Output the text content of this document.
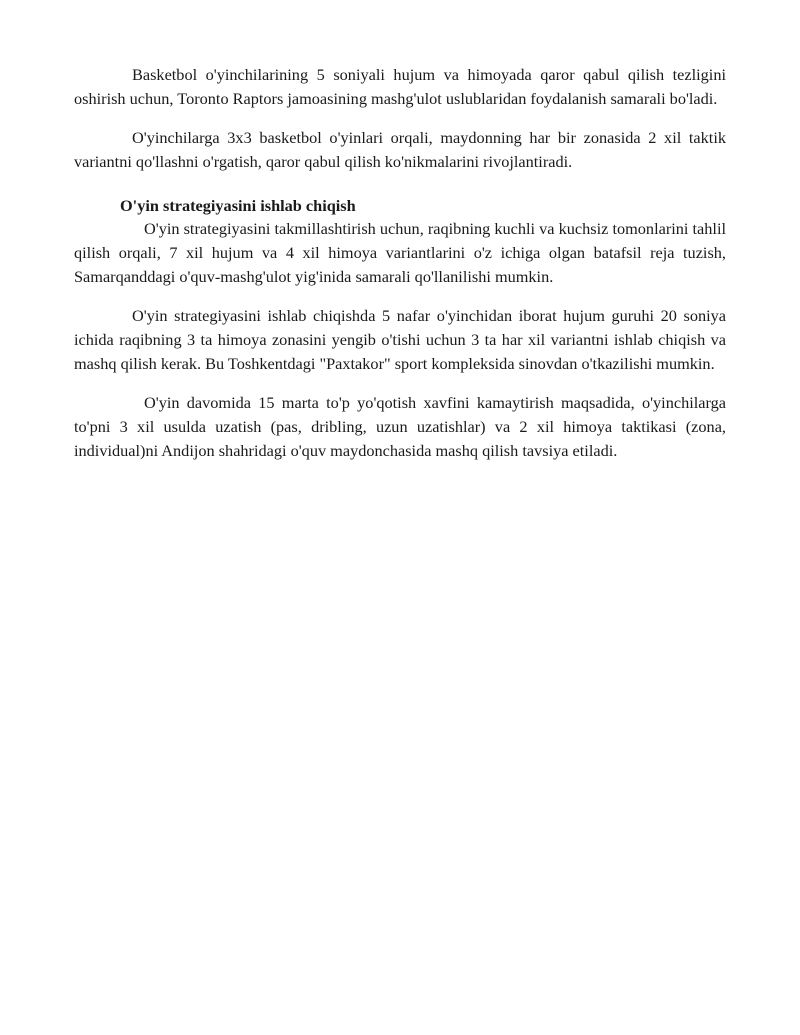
Basketbol o'yinchilarining 5 soniyali hujum va himoyada qaror qabul qilish tezligini oshirish uchun, Toronto Raptors jamoasining mashg'ulot uslublaridan foydalanish samarali bo'ladi.

O'yinchilarga 3x3 basketbol o'yinlari orqali, maydonning har bir zonasida 2 xil taktik variantni qo'llashni o'rgatish, qaror qabul qilish ko'nikmalarini rivojlantiradi.

O'yin strategiyasini ishlab chiqish

O'yin strategiyasini takmillashtirish uchun, raqibning kuchli va kuchsiz tomonlarini tahlil qilish orqali, 7 xil hujum va 4 xil himoya variantlarini o'z ichiga olgan batafsil reja tuzish, Samarqanddagi o'quv-mashg'ulot yig'inida samarali qo'llanilishi mumkin.

O'yin strategiyasini ishlab chiqishda 5 nafar o'yinchidan iborat hujum guruhi 20 soniya ichida raqibning 3 ta himoya zonasini yengib o'tishi uchun 3 ta har xil variantni ishlab chiqish va mashq qilish kerak. Bu Toshkentdagi "Paxtakor" sport kompleksida sinovdan o'tkazilishi mumkin.

O'yin davomida 15 marta to'p yo'qotish xavfini kamaytirish maqsadida, o'yinchilarga to'pni 3 xil usulda uzatish (pas, dribling, uzun uzatishlar) va 2 xil himoya taktikasi (zona, individual)ni Andijon shahridagi o'quv maydonchasida mashq qilish tavsiya etiladi.
